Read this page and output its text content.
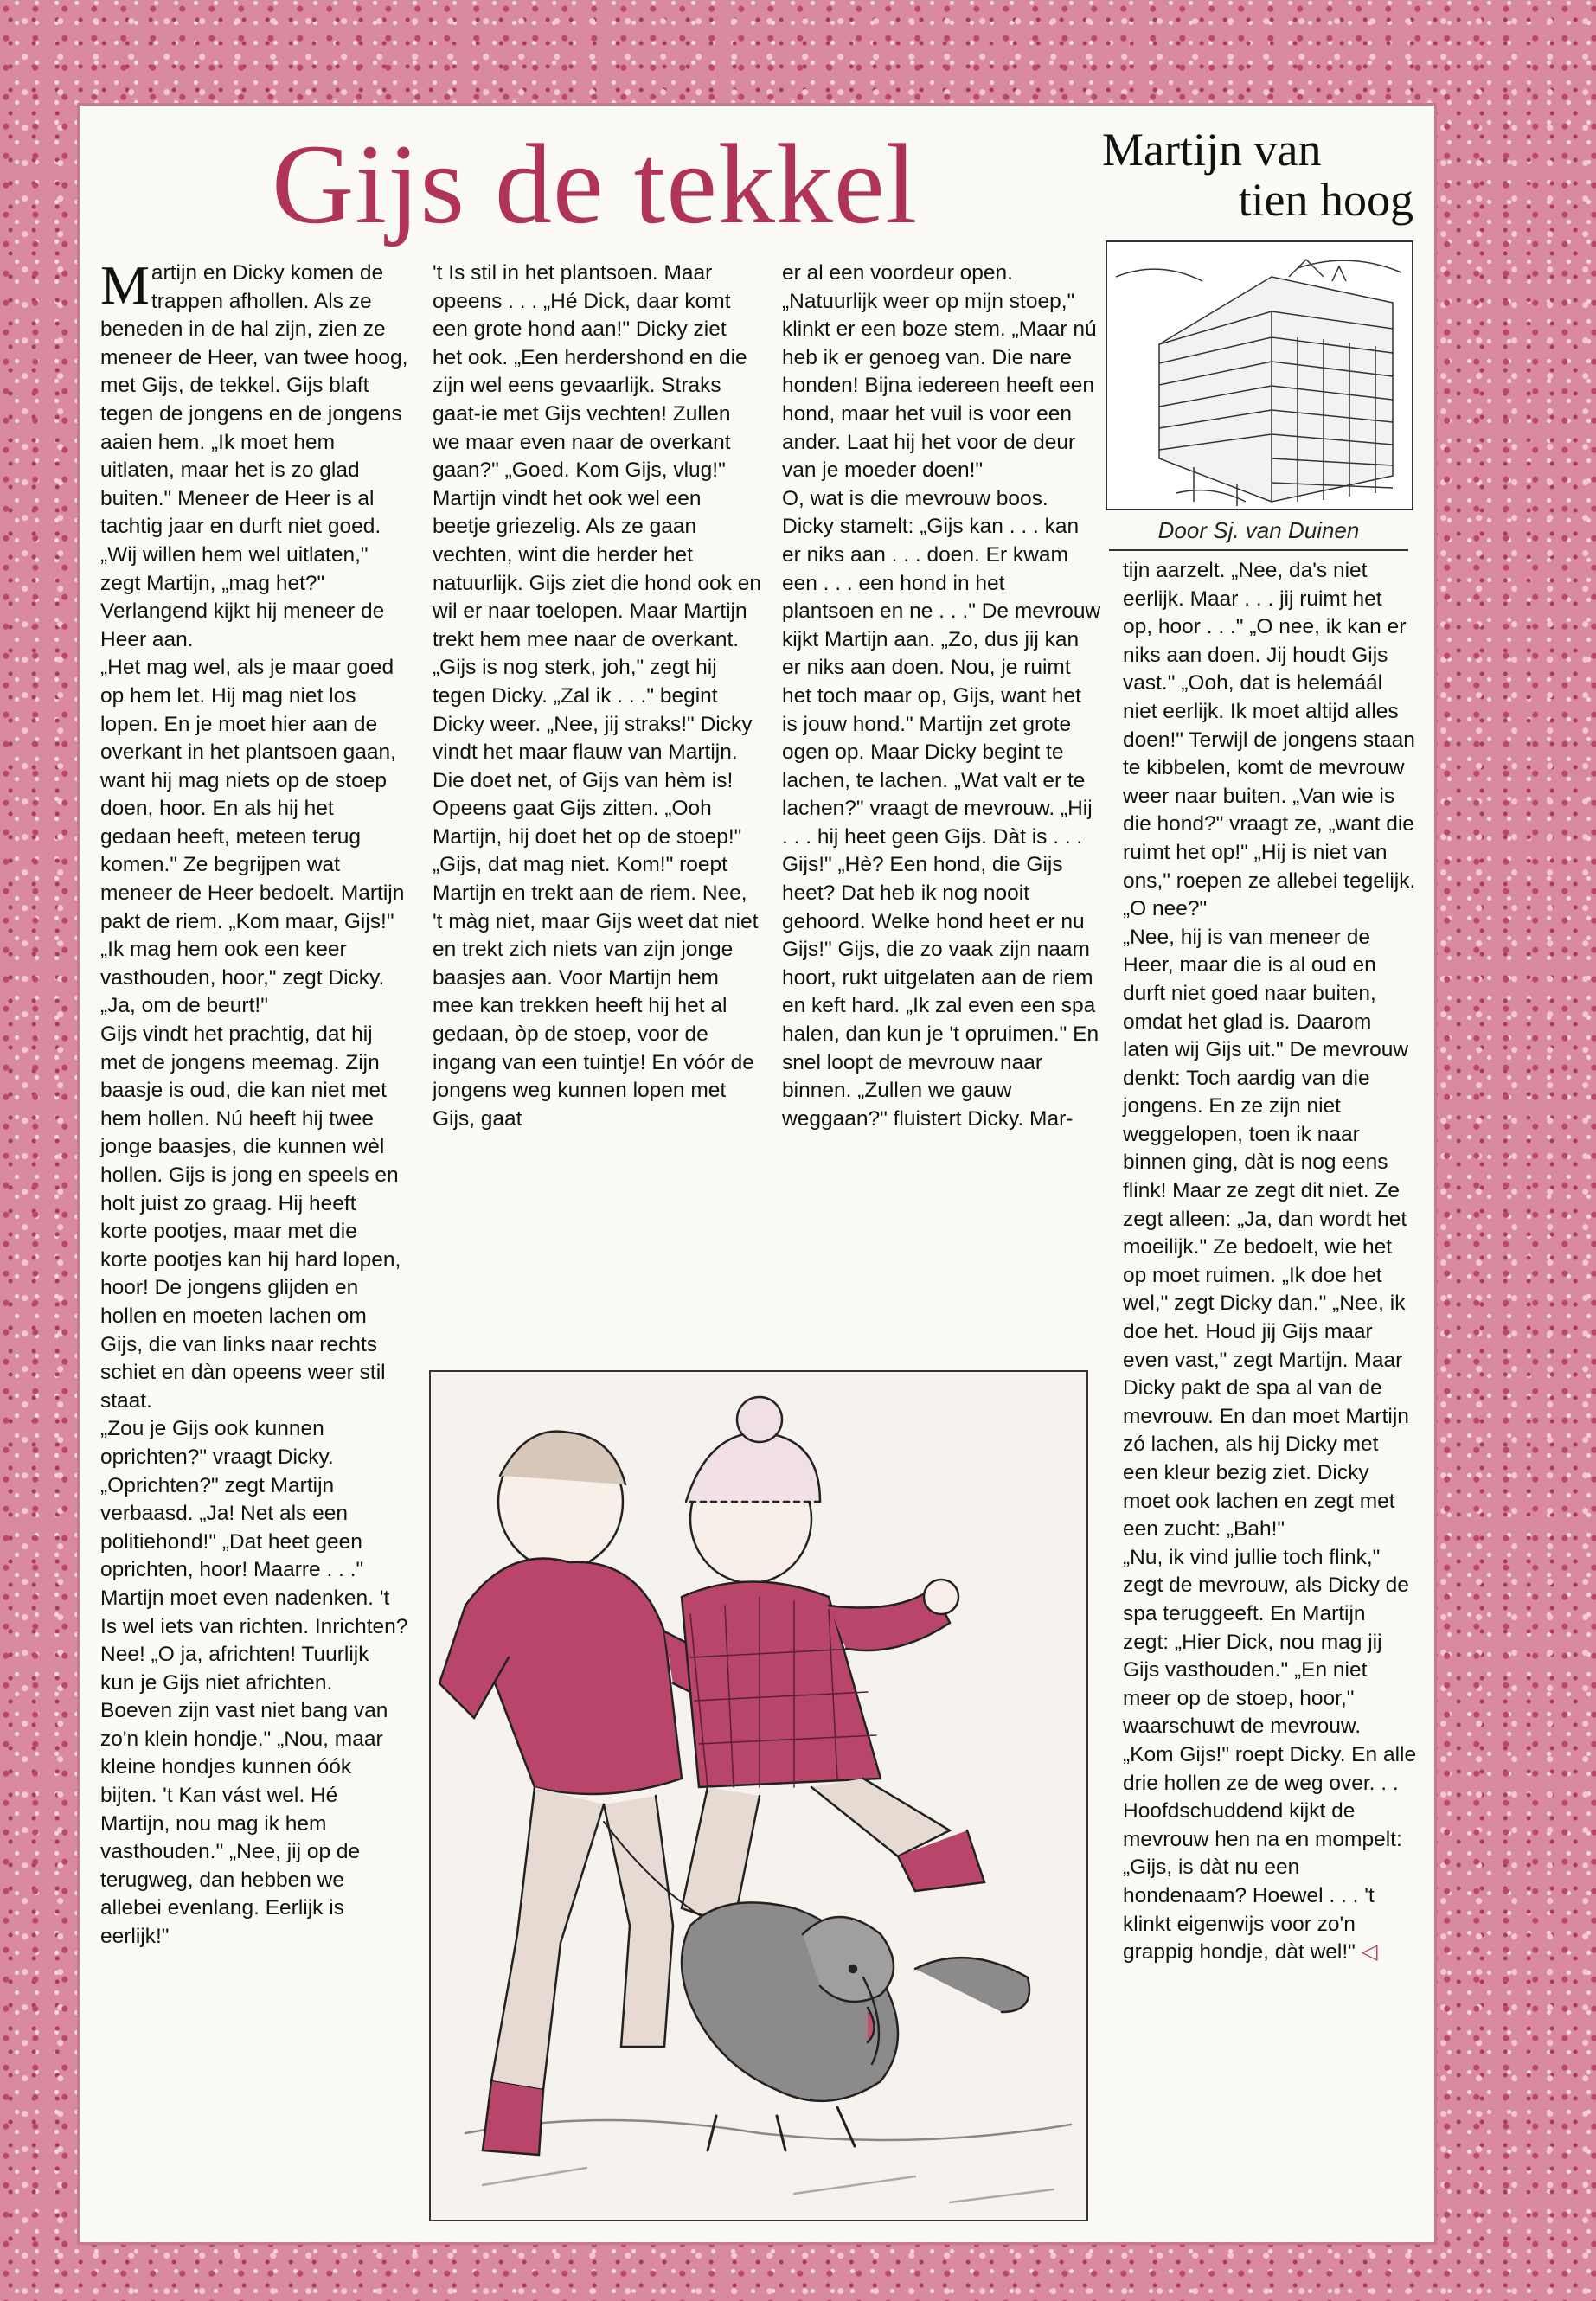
Gijs de tekkel	Martijn van
tien hoog
Door Sj. van Duinen

Martijn en Dicky komen de trappen afhollen. Als ze beneden in de hal zijn, zien ze meneer de Heer, van twee hoog, met Gijs, de tekkel. Gijs blaft tegen de jongens en de jongens aaien hem. „Ik moet hem uitlaten, maar het is zo glad buiten." Meneer de Heer is al tachtig jaar en durft niet goed. „Wij willen hem wel uitlaten," zegt Martijn, „mag het?" Verlangend kijkt hij meneer de Heer aan.

„Het mag wel, als je maar goed op hem let. Hij mag niet los lopen. En je moet hier aan de overkant in het plantsoen gaan, want hij mag niets op de stoep doen, hoor. En als hij het gedaan heeft, meteen terug komen." Ze begrijpen wat meneer de Heer bedoelt. Martijn pakt de riem. „Kom maar, Gijs!" „Ik mag hem ook een keer vasthouden, hoor," zegt Dicky. „Ja, om de beurt!"

Gijs vindt het prachtig, dat hij met de jongens meemag. Zijn baasje is oud, die kan niet met hem hollen. Nú heeft hij twee jonge baasjes, die kunnen wèl hollen. Gijs is jong en speels en holt juist zo graag. Hij heeft korte pootjes, maar met die korte pootjes kan hij hard lopen, hoor! De jongens glijden en hollen en moeten lachen om Gijs, die van links naar rechts schiet en dàn opeens weer stil staat.

„Zou je Gijs ook kunnen oprichten?" vraagt Dicky. „Oprichten?" zegt Martijn verbaasd. „Ja! Net als een politiehond!" „Dat heet geen oprichten, hoor! Maarre . . ." Martijn moet even nadenken. 't Is wel iets van richten. Inrichten? Nee! „O ja, africhten! Tuurlijk kun je Gijs niet africhten. Boeven zijn vast niet bang van zo'n klein hondje." „Nou, maar kleine hondjes kunnen óók bijten. 't Kan vást wel. Hé Martijn, nou mag ik hem vasthouden." „Nee, jij op de terugweg, dan hebben we allebei evenlang. Eerlijk is eerlijk!"

't Is stil in het plantsoen. Maar opeens . . . „Hé Dick, daar komt een grote hond aan!" Dicky ziet het ook. „Een herdershond en die zijn wel eens gevaarlijk. Straks gaat-ie met Gijs vechten! Zullen we maar even naar de overkant gaan?" „Goed. Kom Gijs, vlug!" Martijn vindt het ook wel een beetje griezelig. Als ze gaan vechten, wint die herder het natuurlijk. Gijs ziet die hond ook en wil er naar toelopen. Maar Martijn trekt hem mee naar de overkant. „Gijs is nog sterk, joh," zegt hij tegen Dicky. „Zal ik . . ." begint Dicky weer. „Nee, jij straks!" Dicky vindt het maar flauw van Martijn. Die doet net, of Gijs van hèm is!

Opeens gaat Gijs zitten. „Ooh Martijn, hij doet het op de stoep!" „Gijs, dat mag niet. Kom!" roept Martijn en trekt aan de riem. Nee, 't màg niet, maar Gijs weet dat niet en trekt zich niets van zijn jonge baasjes aan. Voor Martijn hem mee kan trekken heeft hij het al gedaan, òp de stoep, voor de ingang van een tuintje! En vóór de jongens weg kunnen lopen met Gijs, gaat

er al een voordeur open. „Natuurlijk weer op mijn stoep," klinkt er een boze stem. „Maar nú heb ik er genoeg van. Die nare honden! Bijna iedereen heeft een hond, maar het vuil is voor een ander. Laat hij het voor de deur van je moeder doen!"

O, wat is die mevrouw boos. Dicky stamelt: „Gijs kan . . . kan er niks aan . . . doen. Er kwam een . . . een hond in het plantsoen en ne . . ." De mevrouw kijkt Martijn aan. „Zo, dus jij kan er niks aan doen. Nou, je ruimt het toch maar op, Gijs, want het is jouw hond." Martijn zet grote ogen op. Maar Dicky begint te lachen, te lachen. „Wat valt er te lachen?" vraagt de mevrouw. „Hij . . . hij heet geen Gijs. Dàt is . . . Gijs!" „Hè? Een hond, die Gijs heet? Dat heb ik nog nooit gehoord. Welke hond heet er nu Gijs!" Gijs, die zo vaak zijn naam hoort, rukt uitgelaten aan de riem en keft hard. „Ik zal even een spa halen, dan kun je 't opruimen." En snel loopt de mevrouw naar binnen. „Zullen we gauw weggaan?" fluistert Dicky. Mar-

tijn aarzelt. „Nee, da's niet eerlijk. Maar . . . jij ruimt het op, hoor . . ." „O nee, ik kan er niks aan doen. Jij houdt Gijs vast." „Ooh, dat is helemáál niet eerlijk. Ik moet altijd alles doen!" Terwijl de jongens staan te kibbelen, komt de mevrouw weer naar buiten. „Van wie is die hond?" vraagt ze, „want die ruimt het op!" „Hij is niet van ons," roepen ze allebei tegelijk. „O nee?"

„Nee, hij is van meneer de Heer, maar die is al oud en durft niet goed naar buiten, omdat het glad is. Daarom laten wij Gijs uit." De mevrouw denkt: Toch aardig van die jongens. En ze zijn niet weggelopen, toen ik naar binnen ging, dàt is nog eens flink! Maar ze zegt dit niet. Ze zegt alleen: „Ja, dan wordt het moeilijk." Ze bedoelt, wie het op moet ruimen. „Ik doe het wel," zegt Dicky dan." „Nee, ik doe het. Houd jij Gijs maar even vast," zegt Martijn. Maar Dicky pakt de spa al van de mevrouw. En dan moet Martijn zó lachen, als hij Dicky met een kleur bezig ziet. Dicky moet ook lachen en zegt met een zucht: „Bah!"

„Nu, ik vind jullie toch flink," zegt de mevrouw, als Dicky de spa teruggeeft. En Martijn zegt: „Hier Dick, nou mag jij Gijs vasthouden." „En niet meer op de stoep, hoor," waarschuwt de mevrouw. „Kom Gijs!" roept Dicky. En alle drie hollen ze de weg over. . . Hoofdschuddend kijkt de mevrouw hen na en mompelt: „Gijs, is dàt nu een hondenaam? Hoewel . . . 't klinkt eigenwijs voor zo'n grappig hondje, dàt wel!" ◁
